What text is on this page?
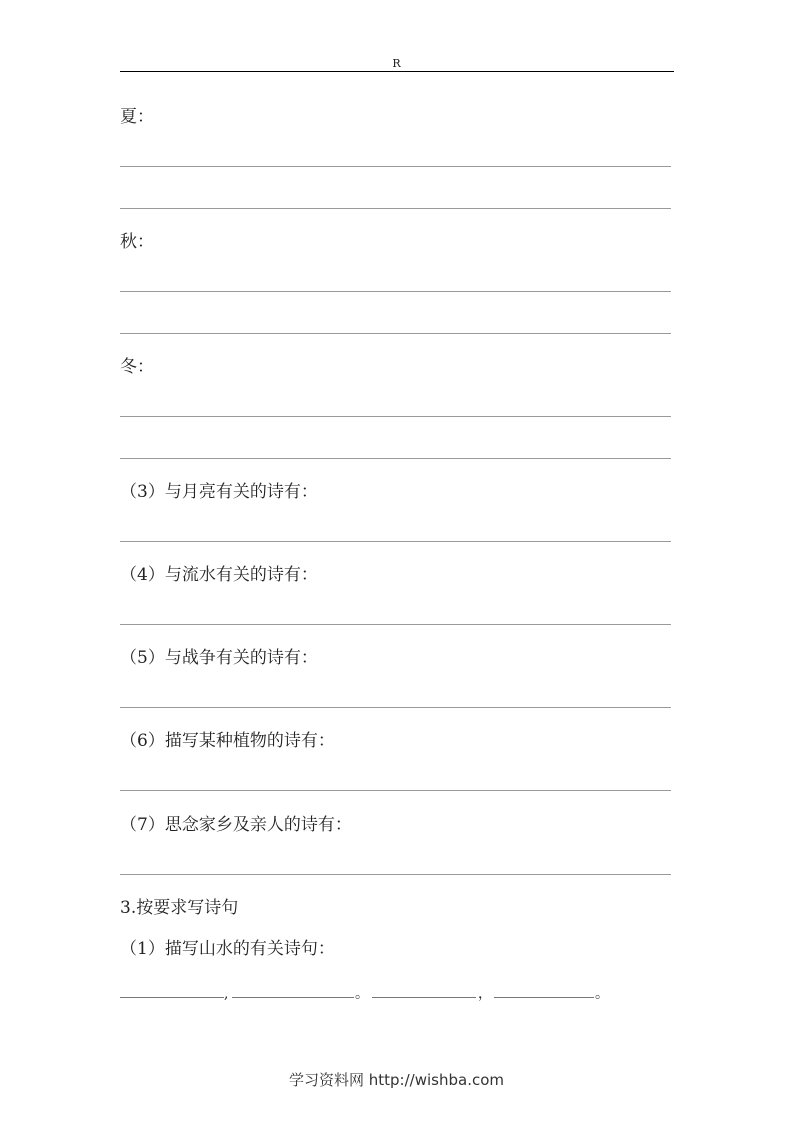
R
夏：
秋：
冬：
（3）与月亮有关的诗有：
（4）与流水有关的诗有：
（5）与战争有关的诗有：
（6）描写某种植物的诗有：
（7）思念家乡及亲人的诗有：
3.按要求写诗句
（1）描写山水的有关诗句：
,	。	，	。
学习资料网 http://wishba.com
